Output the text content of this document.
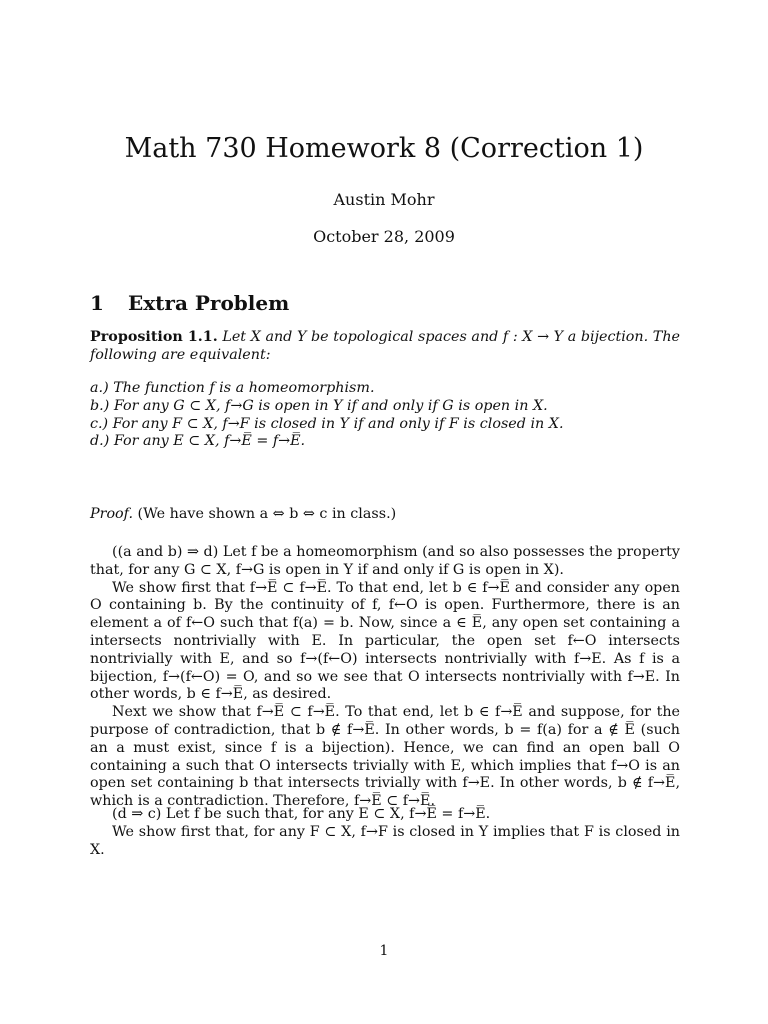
Math 730 Homework 8 (Correction 1)
Austin Mohr
October 28, 2009
1 Extra Problem
Proposition 1.1. Let X and Y be topological spaces and f : X → Y a bijection. The following are equivalent:

a.) The function f is a homeomorphism.

b.) For any G ⊂ X, f→G is open in Y if and only if G is open in X.

c.) For any F ⊂ X, f→F is closed in Y if and only if F is closed in X.

d.) For any E ⊂ X, f→E̅ = f→E̅.

Proof. (We have shown a ⇔ b ⇔ c in class.)

((a and b) ⇒ d) Let f be a homeomorphism (and so also possesses the property that, for any G ⊂ X, f→G is open in Y if and only if G is open in X).

We show first that f→E̅ ⊂ f→E̅. To that end, let b ∈ f→E̅ and consider any open O containing b. By the continuity of f, f←O is open. Furthermore, there is an element a of f←O such that f(a) = b. Now, since a ∈ E̅, any open set containing a intersects nontrivially with E. In particular, the open set f←O intersects nontrivially with E, and so f→(f←O) intersects nontrivially with f→E. As f is a bijection, f→(f←O) = O, and so we see that O intersects nontrivially with f→E. In other words, b ∈ f→E̅, as desired.

Next we show that f→E̅ ⊂ f→E̅. To that end, let b ∈ f→E̅ and suppose, for the purpose of contradiction, that b ∉ f→E̅. In other words, b = f(a) for a ∉ E̅ (such an a must exist, since f is a bijection). Hence, we can find an open ball O containing a such that O intersects trivially with E, which implies that f→O is an open set containing b that intersects trivially with f→E. In other words, b ∉ f→E̅, which is a contradiction. Therefore, f→E̅ ⊂ f→E̅.

(d ⇒ c) Let f be such that, for any E ⊂ X, f→E̅ = f→E̅.

We show first that, for any F ⊂ X, f→F is closed in Y implies that F is closed in X.

1
